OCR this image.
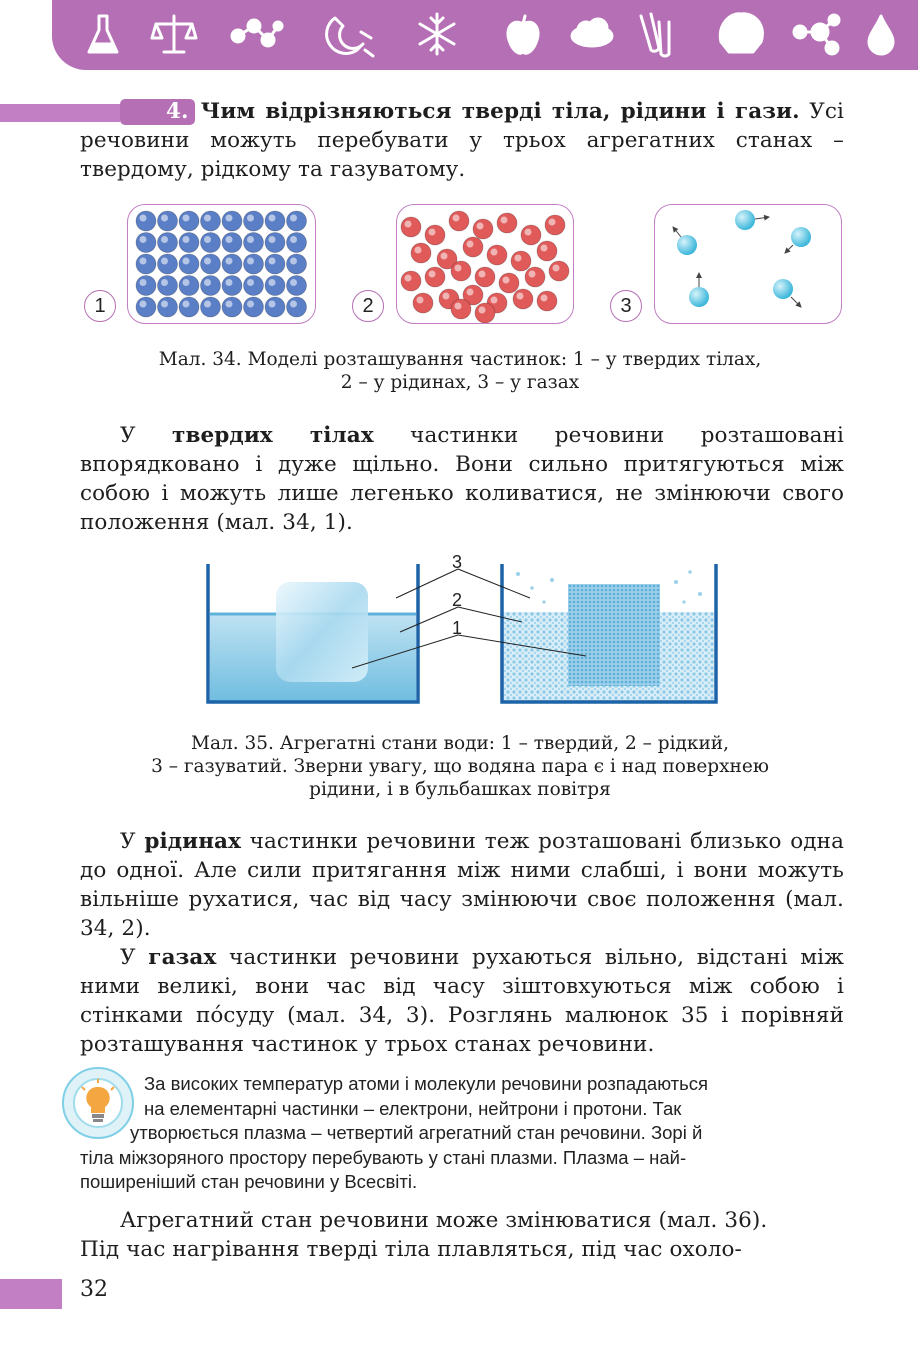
4. Чим відрізняються тверді тіла, рідини і гази. Усі речовини можуть перебувати у трьох агрегатних станах – твердому, рідкому та газуватому.

1	2	3
Мал. 34. Моделі розташування частинок: 1 – у твердих тілах,
2 – у рідинах, 3 – у газах

У твердих тілах частинки речовини розташовані впорядковано і дуже щільно. Вони сильно притягуються між собою і можуть лише легенько коливатися, не змінюючи свого положення (мал. 34, 1).

3
2
1
Мал. 35. Агрегатні стани води: 1 – твердий, 2 – рідкий,
3 – газуватий. Зверни увагу, що водяна пара є і над поверхнею
рідини, і в бульбашках повітря

У рідинах частинки речовини теж розташовані близько одна до одної. Але сили притягання між ними слабші, і вони можуть вільніше рухатися, час від часу змінюючи своє положення (мал. 34, 2).

У газах частинки речовини рухаються вільно, відстані між ними великі, вони час від часу зіштовхуються між собою і стінками пóсуду (мал. 34, 3). Розглянь малюнок 35 і порівняй розташування частинок у трьох станах речовини.

За високих температур атоми і молекули речовини розпадаються
на елементарні частинки – електрони, нейтрони і протони. Так
утворюється плазма – четвертий агрегатний стан речовини. Зорі й
тіла міжзоряного простору перебувають у стані плазми. Плазма – най-
поширеніший стан речовини у Всесвіті.

Агрегатний стан речовини може змінюватися (мал. 36).

Під час нагрівання тверді тіла плавляться, під час охоло-

32
